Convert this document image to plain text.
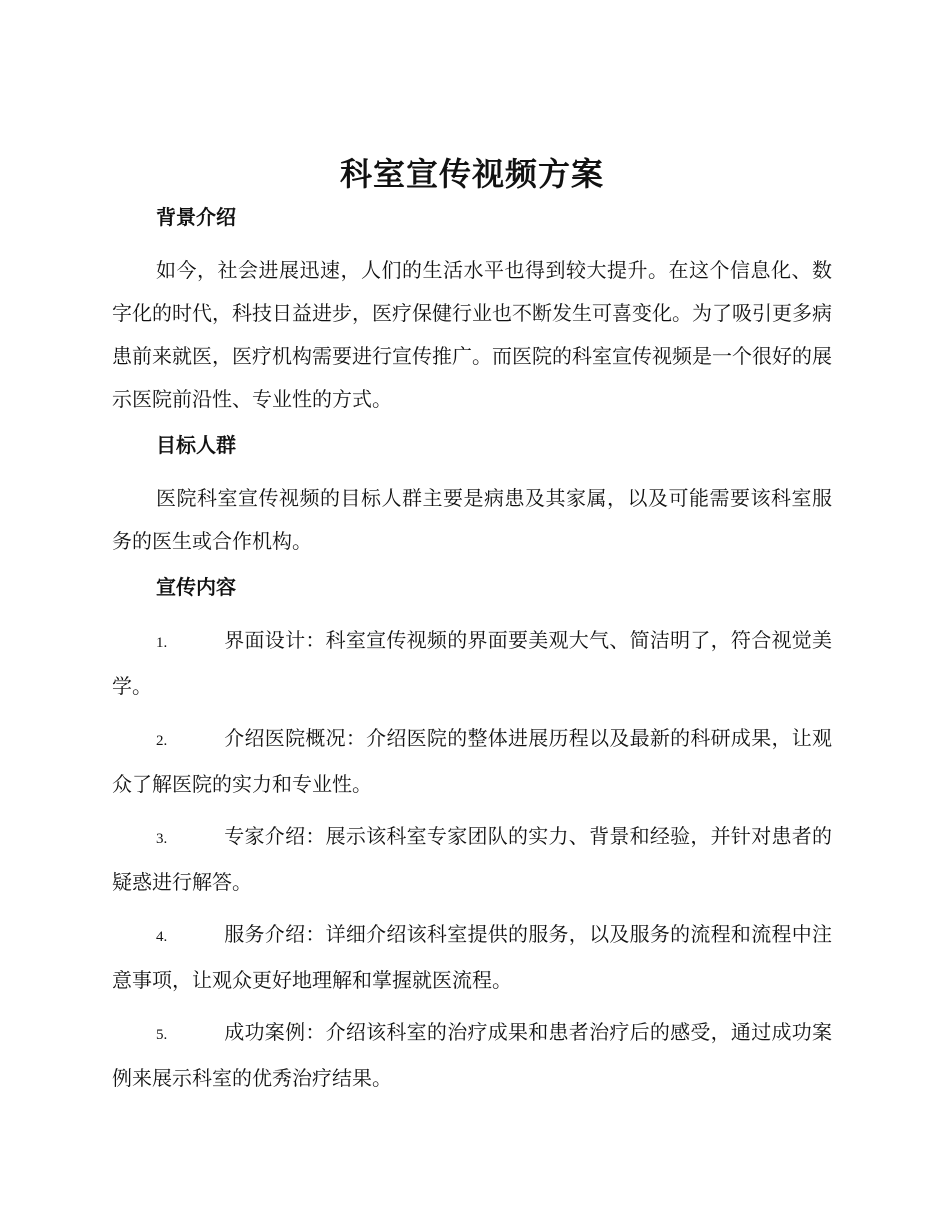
科室宣传视频方案
背景介绍

如今，社会进展迅速，人们的生活水平也得到较大提升。在这个信息化、数字化的时代，科技日益进步，医疗保健行业也不断发生可喜变化。为了吸引更多病患前来就医，医疗机构需要进行宣传推广。而医院的科室宣传视频是一个很好的展示医院前沿性、专业性的方式。

目标人群

医院科室宣传视频的目标人群主要是病患及其家属，以及可能需要该科室服务的医生或合作机构。

宣传内容
1.	界面设计：科室宣传视频的界面要美观大气、简洁明了，符合视觉美学。
2.	介绍医院概况：介绍医院的整体进展历程以及最新的科研成果，让观众了解医院的实力和专业性。
3.	专家介绍：展示该科室专家团队的实力、背景和经验，并针对患者的疑惑进行解答。
4.	服务介绍：详细介绍该科室提供的服务，以及服务的流程和流程中注意事项，让观众更好地理解和掌握就医流程。
5.	成功案例：介绍该科室的治疗成果和患者治疗后的感受，通过成功案例来展示科室的优秀治疗结果。
